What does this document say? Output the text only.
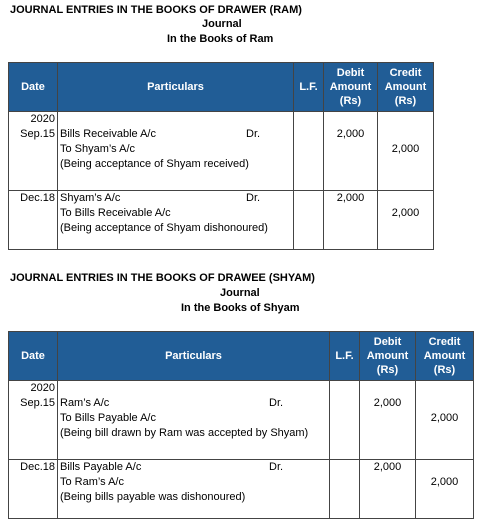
JOURNAL ENTRIES IN THE BOOKS OF DRAWER (RAM)
Journal
In the Books of Ram
Date	Particulars	L.F.	Debit
Amount
(Rs)	Credit
Amount
(Rs)

2020
Sep.15	Bills Receivable A/c Dr.
To Shyam’s A/c
(Being acceptance of Shyam received)		2,000	2,000

Dec.18	Shyam’s A/c Dr.
To Bills Receivable A/c
(Being acceptance of Shyam dishonoured)		2,000	2,000
JOURNAL ENTRIES IN THE BOOKS OF DRAWEE (SHYAM)
Journal
In the Books of Shyam
Date	Particulars	L.F.	Debit
Amount
(Rs)	Credit
Amount
(Rs)

2020
Sep.15	Ram’s A/c Dr.
To Bills Payable A/c
(Being bill drawn by Ram was accepted by Shyam)		2,000	2,000

Dec.18	Bills Payable A/c Dr.
To Ram’s A/c
(Being bills payable was dishonoured)		2,000	2,000
